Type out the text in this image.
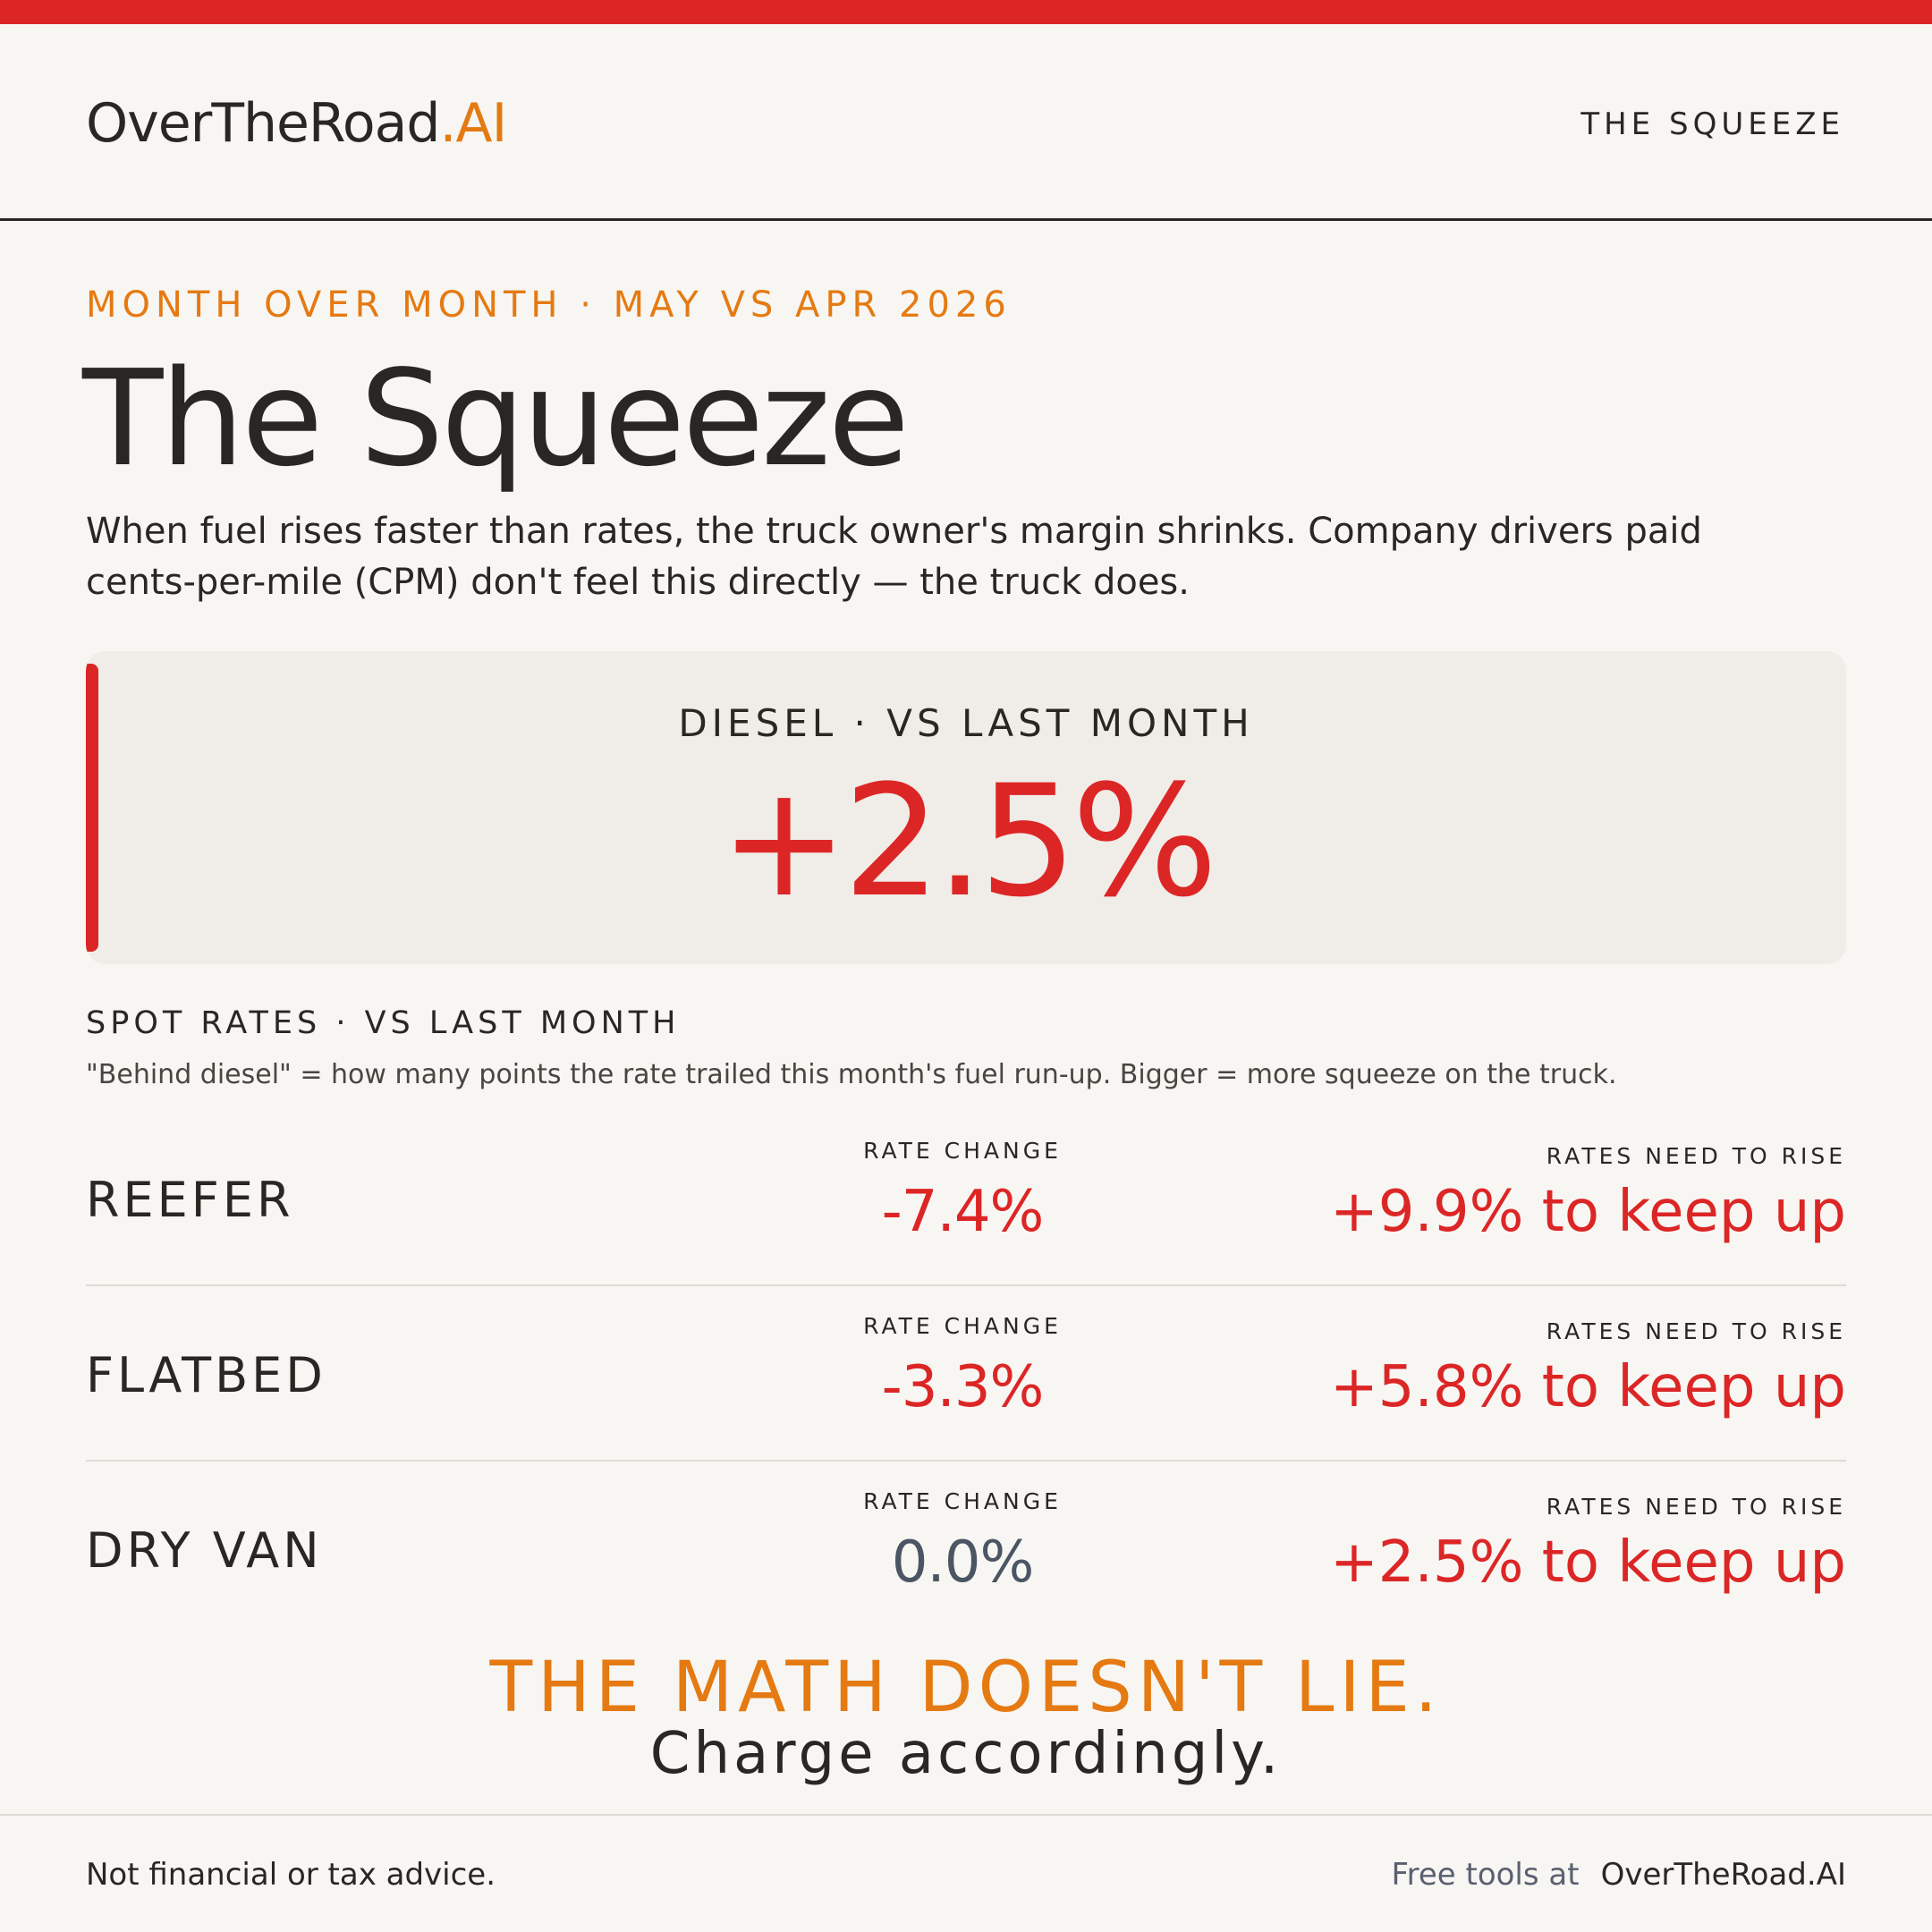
OverTheRoad.AI	THE SQUEEZE
MONTH OVER MONTH · MAY VS APR 2026
The Squeeze
When fuel rises faster than rates, the truck owner's margin shrinks. Company drivers paid cents-per-mile (CPM) don't feel this directly — the truck does.
DIESEL · VS LAST MONTH
+2.5%
SPOT RATES · VS LAST MONTH
"Behind diesel" = how many points the rate trailed this month's fuel run-up. Bigger = more squeeze on the truck.
REEFER
RATE CHANGE
-7.4%
RATES NEED TO RISE
+9.9% to keep up
FLATBED
RATE CHANGE
-3.3%
RATES NEED TO RISE
+5.8% to keep up
DRY VAN
RATE CHANGE
0.0%
RATES NEED TO RISE
+2.5% to keep up
THE MATH DOESN'T LIE.
Charge accordingly.
Not financial or tax advice.	Free tools at OverTheRoad.AI
